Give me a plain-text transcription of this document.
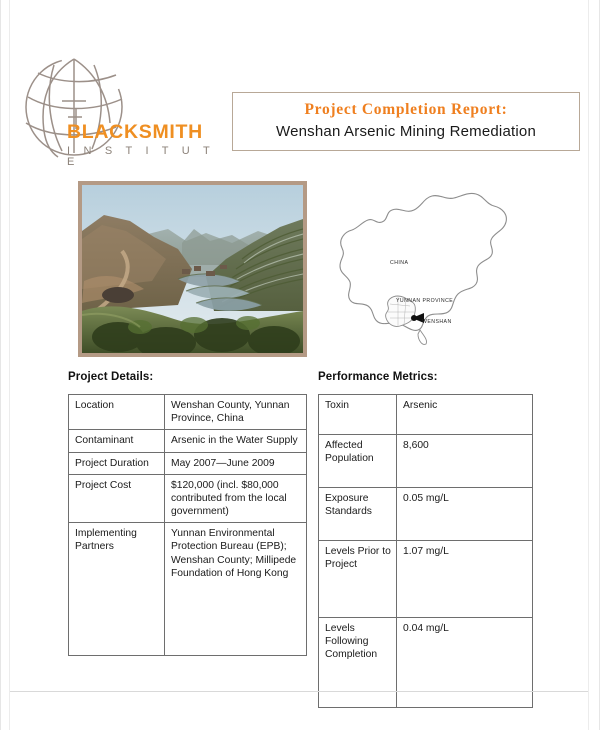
BLACKSMITH
I N S T I T U T E
Project Completion Report:
Wenshan Arsenic Mining Remediation
CHINA
YUNNAN PROVINCE
WENSHAN
Project Details:	Performance Metrics:
Location	Wenshan County, Yunnan Province, China
Contaminant	Arsenic in the Water Supply
Project Duration	May 2007—June 2009
Project Cost	$120,000 (incl. $80,000 contributed from the local government)
Implementing Partners	Yunnan Environmental Protection Bureau (EPB); Wenshan County; Millipede Foundation of Hong Kong
Toxin	Arsenic
Affected Population	8,600
Exposure Standards	0.05 mg/L
Levels Prior to Project	1.07 mg/L
Levels Following Completion	0.04 mg/L
